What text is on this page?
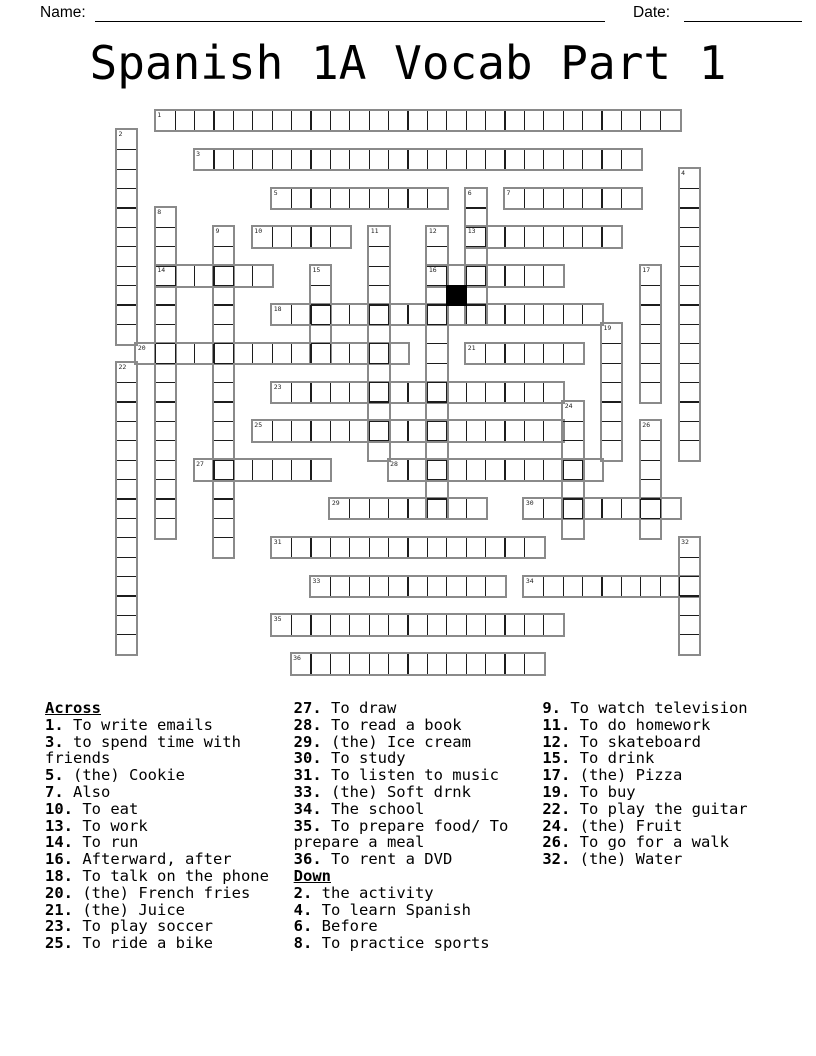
Name:	Date:
Spanish 1A Vocab Part 1
1
2
3
4
5	6	7
8
9	10	11	12	13
14	15	16	17
18
19
20	21
22
23
24
25	26
27	28
29	30
31	32
33	34
35
36
Across
1. To write emails
3. to spend time with friends
5. (the) Cookie
7. Also
10. To eat
13. To work
14. To run
16. Afterward, after
18. To talk on the phone
20. (the) French fries
21. (the) Juice
23. To play soccer
25. To ride a bike
27. To draw
28. To read a book
29. (the) Ice cream
30. To study
31. To listen to music
33. (the) Soft drnk
34. The school
35. To prepare food/ To prepare a meal
36. To rent a DVD
Down
2. the activity
4. To learn Spanish
6. Before
8. To practice sports
9. To watch television
11. To do homework
12. To skateboard
15. To drink
17. (the) Pizza
19. To buy
22. To play the guitar
24. (the) Fruit
26. To go for a walk
32. (the) Water
